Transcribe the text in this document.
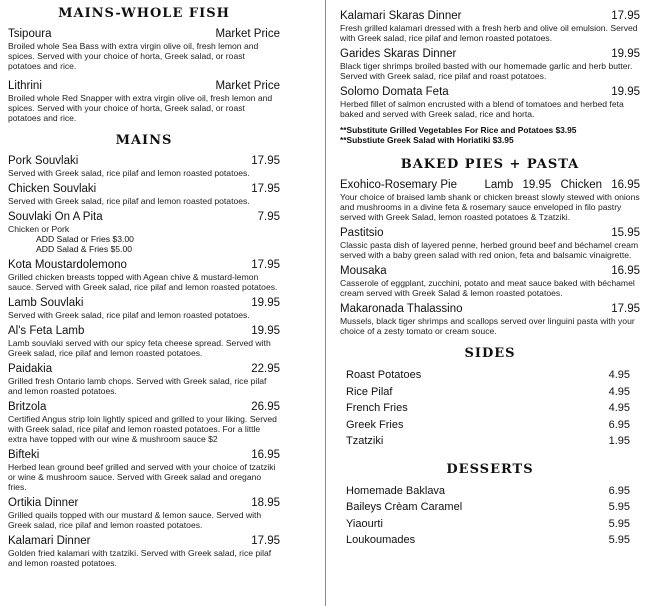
MAINS-WHOLE FISH
Tsipoura	Market Price
Broiled whole Sea Bass with extra virgin olive oil, fresh lemon and spices. Served with your choice of horta, Greek salad, or roast potatoes and rice.
Lithrini	Market Price
Broiled whole Red Snapper with extra virgin olive oil, fresh lemon and spices. Served with your choice of horta, Greek salad, or roast potatoes and rice.
MAINS
Pork Souvlaki	17.95
Served with Greek salad, rice pilaf and lemon roasted potatoes.
Chicken Souvlaki	17.95
Served with Greek salad, rice pilaf and lemon roasted potatoes.
Souvlaki On A Pita	7.95
Chicken or Pork
ADD Salad or Fries $3.00
ADD Salad & Fries $5.00
Kota Moustardolemono	17.95
Grilled chicken breasts topped with Agean chive & mustard-lemon sauce. Served with Greek salad, rice pilaf and lemon roasted potatoes.
Lamb Souvlaki	19.95
Served with Greek salad, rice pilaf and lemon roasted potatoes.
Al's Feta Lamb	19.95
Lamb souvlaki served with our spicy feta cheese spread. Served with Greek salad, rice pilaf and lemon roasted potatoes.
Paidakia	22.95
Grilled fresh Ontario lamb chops. Served with Greek salad, rice pilaf and lemon roasted potatoes.
Britzola	26.95
Certified Angus strip loin lightly spiced and grilled to your liking. Served with Greek salad, rice pilaf and lemon roasted potatoes. For a little extra have topped with our wine & mushroom sauce $2
Bifteki	16.95
Herbed lean ground beef grilled and served with your choice of tzatziki or wine & mushroom sauce. Served with Greek salad and oregano fries.
Ortikia Dinner	18.95
Grilled quails topped with our mustard & lemon sauce. Served with Greek salad, rice pilaf and lemon roasted potatoes.
Kalamari Dinner	17.95
Golden fried kalamari with tzatziki. Served with Greek salad, rice pilaf and lemon roasted potatoes.
Kalamari Skaras Dinner	17.95
Fresh grilled kalamari dressed with a fresh herb and olive oil emulsion. Served with Greek salad, rice pilaf and lemon roasted potatoes.
Garides Skaras Dinner	19.95
Black tiger shrimps broiled basted with our homemade garlic and herb butter. Served with Greek salad, rice pilaf and roast potatoes.
Solomo Domata Feta	19.95
Herbed fillet of salmon encrusted with a blend of tomatoes and herbed feta baked and served with Greek salad, rice and horta.
**Substitute Grilled Vegetables For Rice and Potatoes $3.95
**Substiute Greek Salad with Horiatiki $3.95
BAKED PIES + PASTA
Exohico-Rosemary Pie	Lamb 19.95 Chicken 16.95
Your choice of braised lamb shank or chicken breast slowly stewed with onions and mushrooms in a divine feta & rosemary sauce enveloped in filo pastry served with Greek Salad, lemon roasted potatoes & Tzatziki.
Pastitsio	15.95
Classic pasta dish of layered penne, herbed ground beef and béchamel cream served with a baby green salad with red onion, feta and balsamic vinaigrette.
Mousaka	16.95
Casserole of eggplant, zucchini, potato and meat sauce baked with béchamel cream served with Greek Salad & lemon roasted potatoes.
Makaronada Thalassino	17.95
Mussels, black tiger shrimps and scallops served over linguini pasta with your choice of a zesty tomato or cream souce.
SIDES
Roast Potatoes	4.95
Rice Pilaf	4.95
French Fries	4.95
Greek Fries	6.95
Tzatziki	1.95
DESSERTS
Homemade Baklava	6.95
Baileys Crèam Caramel	5.95
Yiaourti	5.95
Loukoumades	5.95
